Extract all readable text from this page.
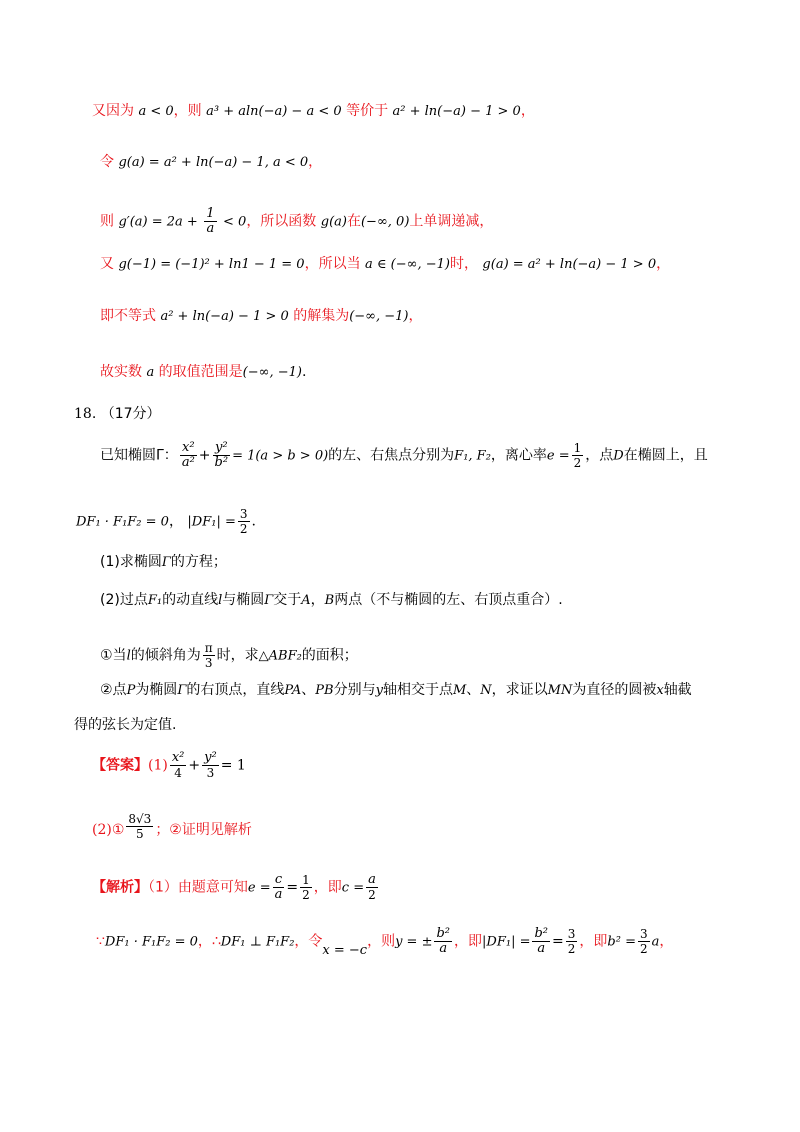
又因为 a < 0，则 a³ + aln(−a) − a < 0 等价于 a² + ln(−a) − 1 > 0，
令 g(a) = a² + ln(−a) − 1, a < 0，
则 $g'(a) = 2a + \frac{1}{a} < 0$，所以函数 g(a)在(−∞, 0)上单调递减，
又 g(−1) = (−1)² + ln1 − 1 = 0，所以当 a ∈ (−∞, −1)时， g(a) = a² + ln(−a) − 1 > 0，
即不等式 a² + ln(−a) − 1 > 0 的解集为(−∞, −1)，
故实数 a 的取值范围是(−∞, −1).
18. （17分）
已知椭圆Γ： $\frac{\text{x²}}{\text{a²}} + \frac{\text{y²}}{\text{b²}} = 1(a > b > 0)$的左、右焦点分别为F₁, F₂，离心率$e = \frac{1}{2}$ ，点D在椭圆上，且
DF₁ · F₁F₂ = 0， $|DF_1| = \frac{3}{2}$ .
(1)求椭圆Γ的方程；
(2)过点F₁的动直线l与椭圆Γ交于A，B两点（不与椭圆的左、右顶点重合）.
①当l的倾斜角为 $\frac{\pi}{3}$ 时，求△ABF₂的面积；
②点P为椭圆Γ的右顶点，直线PA、PB分别与y轴相交于点M、N，求证以MN为直径的圆被x轴截
得的弦长为定值.
【答案】$(1) \frac{\text{x²}}{4} + \frac{\text{y²}}{3} = 1$
(2)① $\frac{8√3}{5}$ ；②证明见解析
【解析】（1）由题意可知$e = \frac{c}{a} = \frac{1}{2}$ ，即$c = \frac{a}{2}$
∵DF₁ · F₁F₂ = 0，∴DF₁ ⊥ F₁F₂，令x = −c，则y = ± $\frac{\text{b²}}{a}$ ，即$|DF_1| = \frac{\text{b²}}{a} = \frac{3}{2}$ ，即$b^2 = \frac{3}{2}$ a，
